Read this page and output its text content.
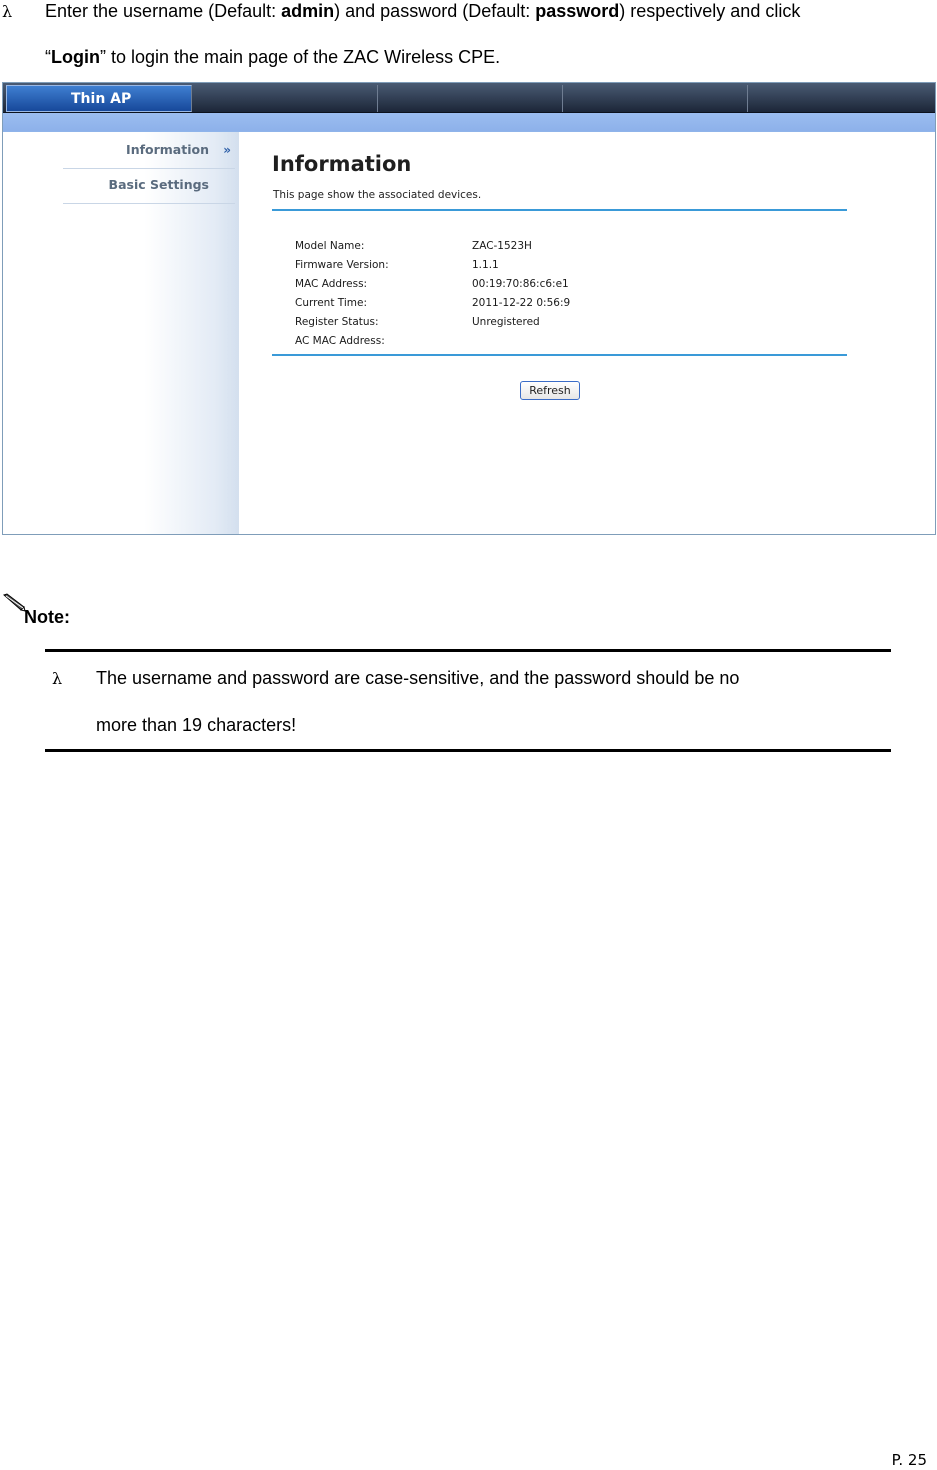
λ Enter the username (Default: admin) and password (Default: password) respectively and click
“Login” to login the main page of the ZAC Wireless CPE.
Thin AP
Information »
Basic Settings
Information
This page show the associated devices.
Model Name:	ZAC-1523H
Firmware Version:	1.1.1
MAC Address:	00:19:70:86:c6:e1
Current Time:	2011-12-22 0:56:9
Register Status:	Unregistered
AC MAC Address:
Refresh
Note:
λ The username and password are case-sensitive, and the password should be no
more than 19 characters!
P. 25
